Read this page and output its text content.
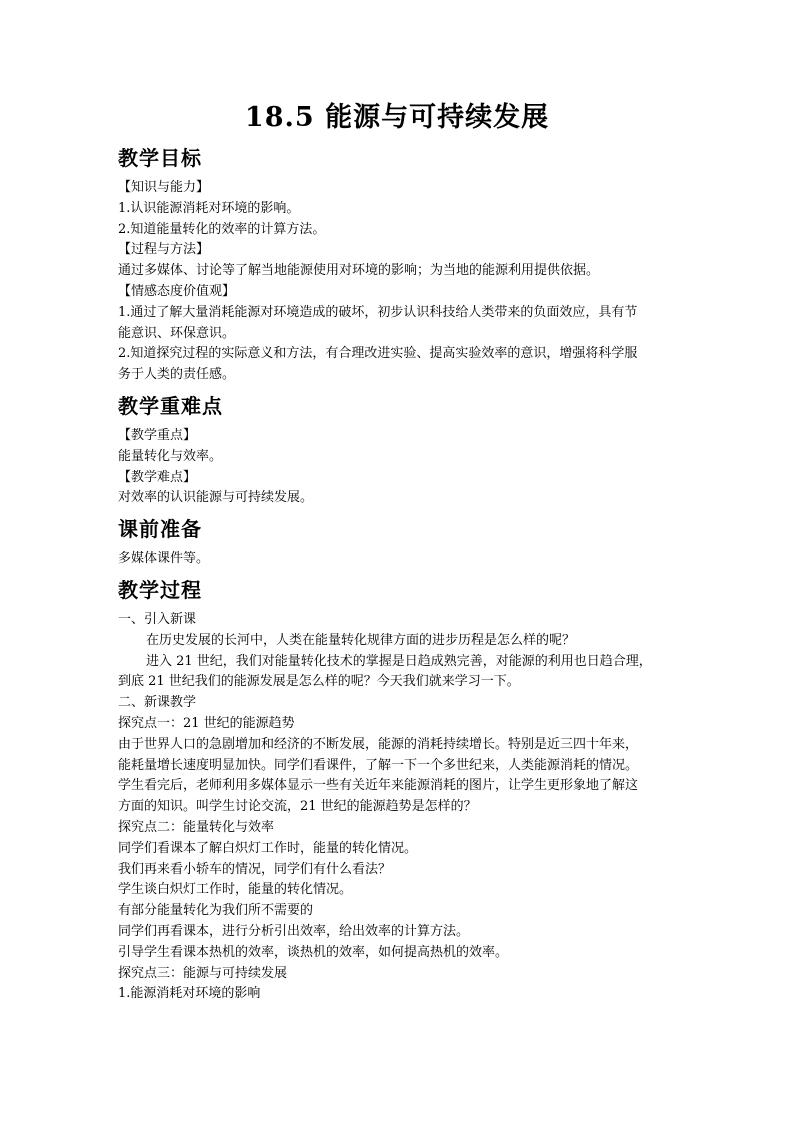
18.5 能源与可持续发展
教学目标
【知识与能力】
1.认识能源消耗对环境的影响。
2.知道能量转化的效率的计算方法。
【过程与方法】
通过多媒体、讨论等了解当地能源使用对环境的影响；为当地的能源利用提供依据。
【情感态度价值观】
1.通过了解大量消耗能源对环境造成的破坏，初步认识科技给人类带来的负面效应，具有节
能意识、环保意识。
2.知道探究过程的实际意义和方法，有合理改进实验、提高实验效率的意识，增强将科学服
务于人类的责任感。
教学重难点
【教学重点】
能量转化与效率。
【教学难点】
对效率的认识能源与可持续发展。
课前准备
多媒体课件等。
教学过程
一、引入新课
在历史发展的长河中，人类在能量转化规律方面的进步历程是怎么样的呢？
进入 21 世纪，我们对能量转化技术的掌握是日趋成熟完善，对能源的利用也日趋合理，
到底 21 世纪我们的能源发展是怎么样的呢？今天我们就来学习一下。
二、新课教学
探究点一：21 世纪的能源趋势
由于世界人口的急剧增加和经济的不断发展，能源的消耗持续增长。特别是近三四十年来，
能耗量增长速度明显加快。同学们看课件，了解一下一个多世纪来，人类能源消耗的情况。
学生看完后，老师利用多媒体显示一些有关近年来能源消耗的图片，让学生更形象地了解这
方面的知识。叫学生讨论交流，21 世纪的能源趋势是怎样的？
探究点二：能量转化与效率
同学们看课本了解白炽灯工作时，能量的转化情况。
我们再来看小轿车的情况，同学们有什么看法？
学生谈白炽灯工作时，能量的转化情况。
有部分能量转化为我们所不需要的
同学们再看课本，进行分析引出效率，给出效率的计算方法。
引导学生看课本热机的效率，谈热机的效率，如何提高热机的效率。
探究点三：能源与可持续发展
1.能源消耗对环境的影响
